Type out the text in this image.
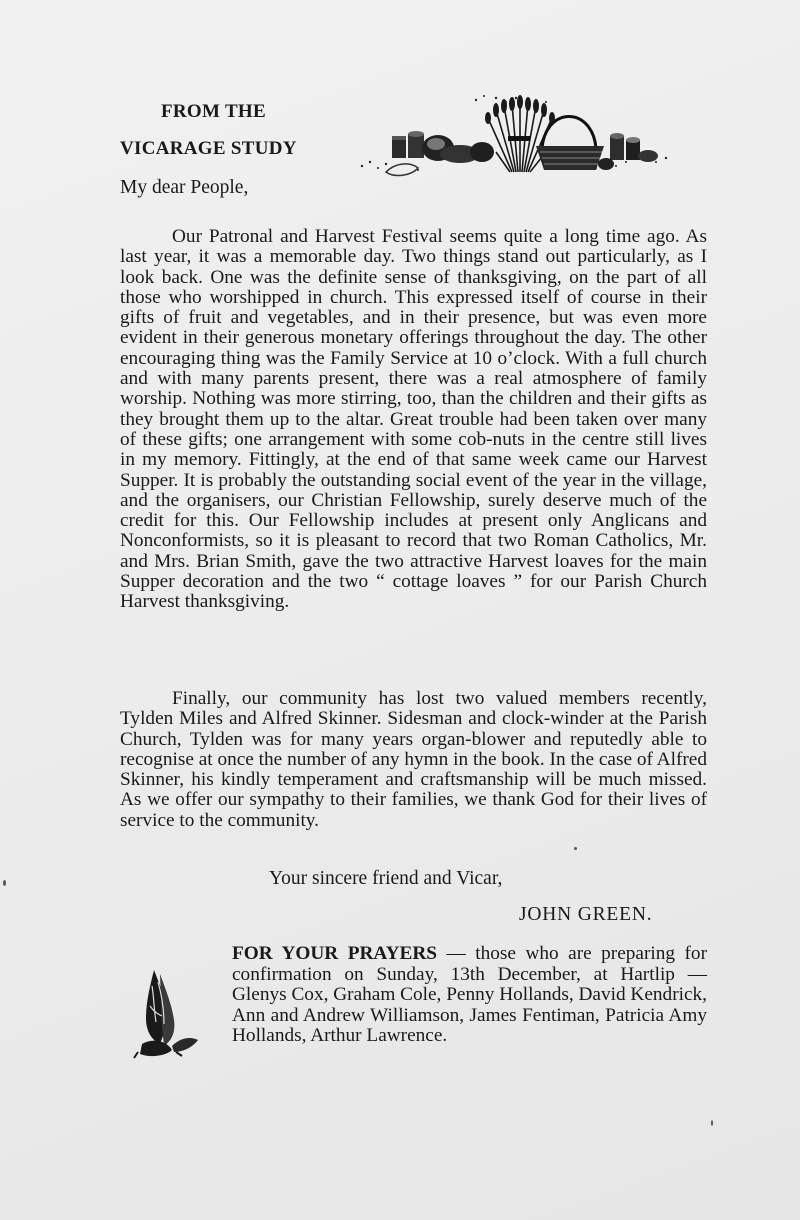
FROM THE
VICARAGE STUDY
My dear People,

Our Patronal and Harvest Festival seems quite a long time ago. As last year, it was a memorable day. Two things stand out particularly, as I look back. One was the definite sense of thanksgiving, on the part of all those who worshipped in church. This expressed itself of course in their gifts of fruit and vegetables, and in their presence, but was even more evident in their generous monetary offerings throughout the day. The other encouraging thing was the Family Service at 10 o’clock. With a full church and with many parents present, there was a real atmosphere of family worship. Nothing was more stirring, too, than the children and their gifts as they brought them up to the altar. Great trouble had been taken over many of these gifts; one arrangement with some cob-nuts in the centre still lives in my memory. Fittingly, at the end of that same week came our Harvest Supper. It is probably the outstanding social event of the year in the village, and the organisers, our Christian Fellowship, surely deserve much of the credit for this. Our Fellowship includes at present only Anglicans and Nonconformists, so it is pleasant to record that two Roman Catholics, Mr. and Mrs. Brian Smith, gave the two attractive Harvest loaves for the main Supper decoration and the two “ cottage loaves ” for our Parish Church Harvest thanksgiving.

Finally, our community has lost two valued members recently, Tylden Miles and Alfred Skinner. Sidesman and clock-winder at the Parish Church, Tylden was for many years organ-blower and reputedly able to recognise at once the number of any hymn in the book. In the case of Alfred Skinner, his kindly temperament and craftsmanship will be much missed. As we offer our sympathy to their families, we thank God for their lives of service to the community.

Your sincere friend and Vicar,
JOHN GREEN.

FOR YOUR PRAYERS — those who are preparing for confirmation on Sunday, 13th December, at Hartlip — Glenys Cox, Graham Cole, Penny Hollands, David Kendrick, Ann and Andrew Williamson, James Fentiman, Patricia Amy Hollands, Arthur Lawrence.
